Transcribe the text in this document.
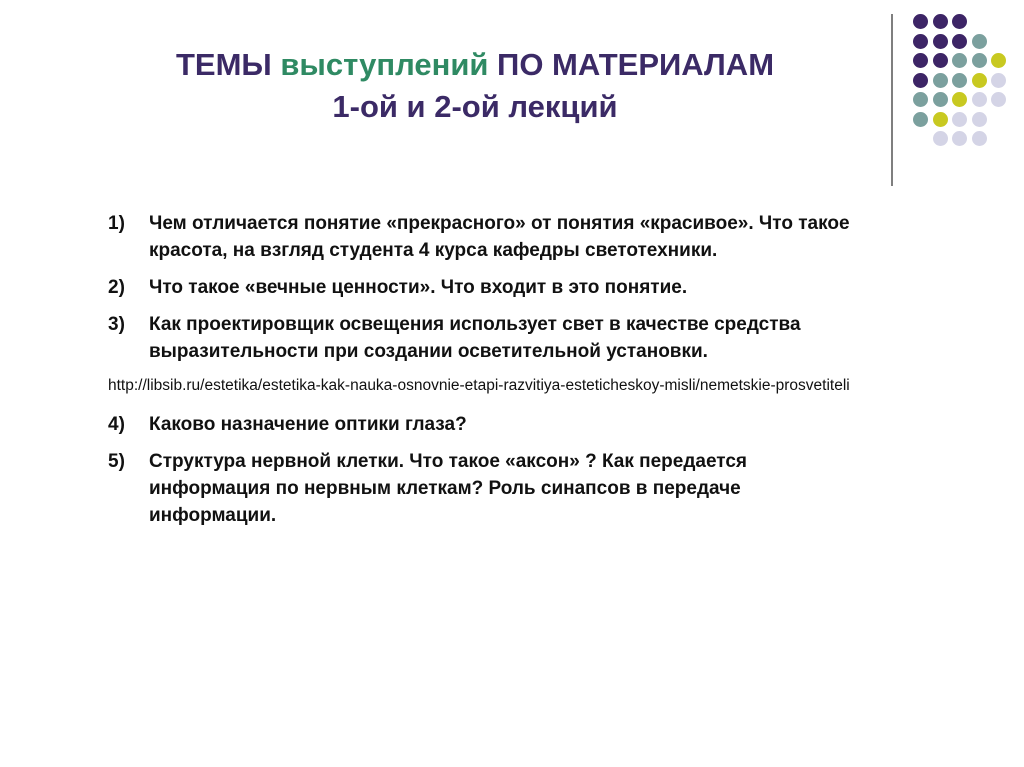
ТЕМЫ выступлений ПО МАТЕРИАЛАМ
1-ой и 2-ой лекций
1) Чем отличается понятие «прекрасного» от понятия «красивое». Что такое красота, на взгляд студента 4 курса кафедры светотехники.
2) Что такое «вечные ценности». Что входит в это понятие.
3) Как проектировщик освещения использует свет в качестве средства выразительности при создании осветительной установки.
http://libsib.ru/estetika/estetika-kak-nauka-osnovnie-etapi-razvitiya-esteticheskoy-misli/nemetskie-prosvetiteli
4) Каково назначение оптики глаза?
5) Структура нервной клетки. Что такое «аксон» ? Как передается информация по нервным клеткам? Роль синапсов в передаче информации.
